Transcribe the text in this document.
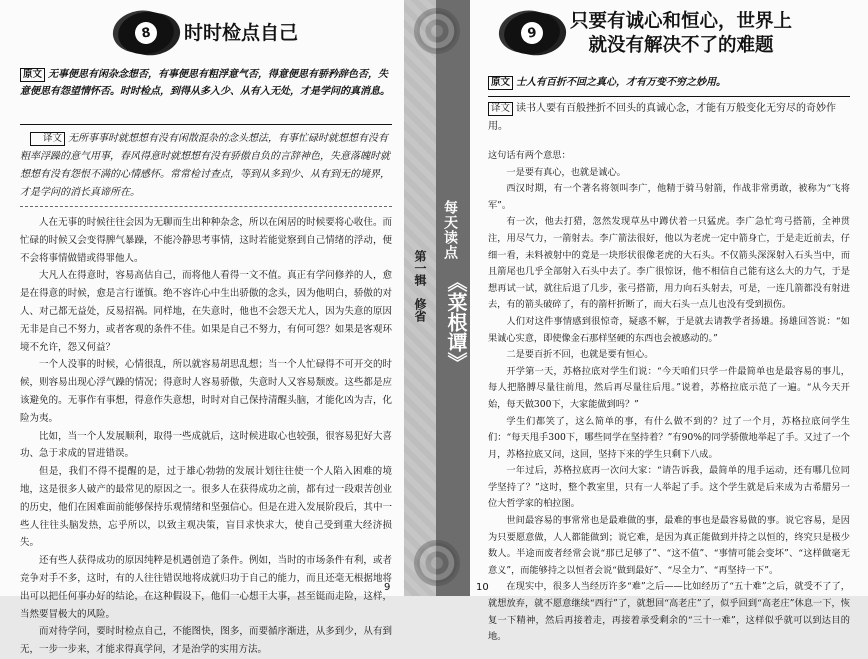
8	时时检点自己
原文 无事便思有闲杂念想否，有事便思有粗浮意气否，得意便思有骄矜辞色否，失意便思有怨望情怀否。时时检点，到得从多入少、从有入无处，才是学问的真消息。
译文 无所事事时就想想有没有闲散混杂的念头想法，有事忙碌时就想想有没有粗率浮躁的意气用事，春风得意时就想想有没有骄傲自负的言辞神色，失意落魄时就想想有没有怨恨不满的心情感怀。常常检讨查点，等到从多到少、从有到无的境界，才是学问的消长真谛所在。

人在无事的时候往往会因为无聊而生出种种杂念，所以在闲居的时候要将心收住。而忙碌的时候又会变得脾气暴躁，不能冷静思考事情，这时若能觉察到自己情绪的浮动，便不会将事情做错或得罪他人。

大凡人在得意时，容易高估自己，而将他人看得一文不值。真正有学问修养的人，愈是在得意的时候，愈是言行谨慎。绝不容许心中生出骄傲的念头，因为他明白，骄傲的对人、对己都无益处，反易招祸。同样地，在失意时，他也不会怨天尤人，因为失意的原因无非是自己不努力，或者客观的条件不佳。如果是自己不努力，有何可怨？如果是客观环境不允许，怨又何益？

一个人没事的时候，心情很乱，所以就容易胡思乱想；当一个人忙碌得不可开交的时候，则容易出现心浮气躁的情况；得意时人容易骄傲，失意时人又容易颓废。这些都是应该避免的。无事作有事想，得意作失意想，时时对自己保持清醒头脑，才能化凶为吉，化险为夷。

比如，当一个人发展顺利，取得一些成就后，这时候进取心也较强，很容易犯好大喜功、急于求成的冒进错误。

但是，我们不得不提醒的是，过于雄心勃勃的发展计划往往使一个人陷入困难的境地，这是很多人破产的最常见的原因之一。很多人在获得成功之前，都有过一段艰苦创业的历史，他们在困难面前能够保持乐观情绪和坚强信心。但是在进入发展阶段后，其中一些人往往头脑发热，忘乎所以，以致主观决策，盲目求快求大，使自己受到重大经济损失。

还有些人获得成功的原因纯粹是机遇创造了条件。例如，当时的市场条件有利，或者竞争对手不多，这时，有的人往往错误地将成就归功于自己的能力，而且还毫无根据地将出可以把任何事办好的结论，在这种假设下，他们一心想干大事，甚至铤而走险，这样，当然要冒极大的风险。

而对待学问，要时时检点自己，不能图快，图多，而要循序渐进，从多到少，从有到无，一步一步来，才能求得真学问，才是治学的实用方法。

9
第一辑　修省
每天读点
《菜根谭》
9
只要有诚心和恒心，世界上
就没有解决不了的难题
原文 士人有百折不回之真心，才有万变不穷之妙用。
译文 读书人要有百般挫折不回头的真诚心念，才能有万般变化无穷尽的奇妙作用。

这句话有两个意思：

一是要有真心，也就是诚心。

西汉时期，有一个著名将领叫李广，他精于骑马射箭，作战非常勇敢，被称为“飞将军”。

有一次，他去打猎，忽然发现草丛中蹲伏着一只猛虎。李广急忙弯弓搭箭，全神贯注，用尽气力，一箭射去。李广箭法很好，他以为老虎一定中箭身亡，于是走近前去，仔细一看，未料被射中的竟是一块形状很像老虎的大石头。不仅箭头深深射入石头当中，而且箭尾也几乎全部射入石头中去了。李广很惊讶，他不相信自己能有这么大的力气，于是想再试一试，就往后退了几步，张弓搭箭，用力向石头射去，可是，一连几箭都没有射进去，有的箭头破碎了，有的箭杆折断了，而大石头一点儿也没有受到损伤。

人们对这件事情感到很惊奇，疑惑不解，于是就去请教学者扬雄。扬雄回答说：“如果诚心实意，即使像金石那样坚硬的东西也会被感动的。”

二是要百折不回，也就是要有恒心。

开学第一天，苏格拉底对学生们说：“今天咱们只学一件最简单也是最容易的事儿，每人把胳膊尽量往前甩，然后再尽量往后甩。”说着，苏格拉底示范了一遍。“从今天开始，每天做300下，大家能做到吗？”

学生们都笑了，这么简单的事，有什么做不到的？过了一个月，苏格拉底问学生们：“每天甩手300下，哪些同学在坚持着？”有90%的同学骄傲地举起了手。又过了一个月，苏格拉底又问，这回，坚持下来的学生只剩下八成。

一年过后，苏格拉底再一次问大家：“请告诉我，最简单的甩手运动，还有哪几位同学坚持了？”这时，整个教室里，只有一人举起了手。这个学生就是后来成为古希腊另一位大哲学家的柏拉图。

世间最容易的事常常也是最难做的事，最难的事也是最容易做的事。说它容易，是因为只要愿意做，人人都能做到；说它难，是因为真正能做到并持之以恒的，终究只是极少数人。半途而废者经常会说“那已足够了”、“这不值”、“事情可能会变坏”、“这样做毫无意义”，而能够持之以恒者会说“做到最好”、“尽全力”、“再坚持一下”。

在现实中，很多人当经历许多“难”之后——比如经历了“五十难”之后，就受不了了，就想放弃，就不愿意继续“西行”了，就想回“高老庄”了，似乎回到“高老庄”休息一下，恢复一下精神，然后再接着走，再接着承受剩余的“三十一难”，这样似乎就可以到达目的地。

10
